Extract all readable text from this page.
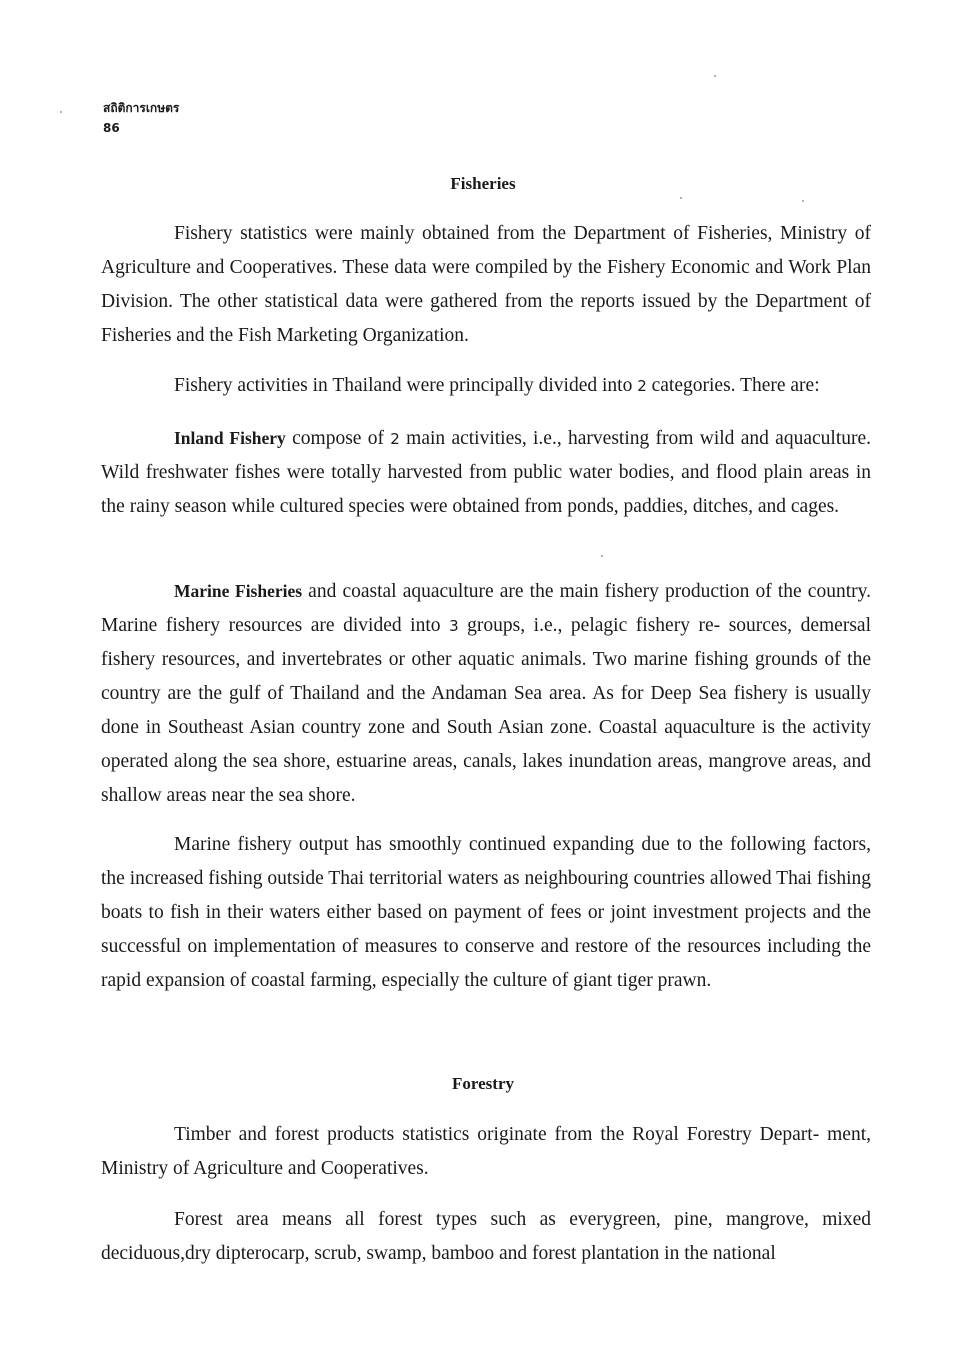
สถิติการเกษตร
86
Fisheries

Fishery statistics were mainly obtained from the Department of Fisheries, Ministry of Agriculture and Cooperatives. These data were compiled by the Fishery Economic and Work Plan Division. The other statistical data were gathered from the reports issued by the Department of Fisheries and the Fish Marketing Organization.

Fishery activities in Thailand were principally divided into 2 categories. There are:

Inland Fishery compose of 2 main activities, i.e., harvesting from wild and aquaculture. Wild freshwater fishes were totally harvested from public water bodies, and flood plain areas in the rainy season while cultured species were obtained from ponds, paddies, ditches, and cages.

Marine Fisheries and coastal aquaculture are the main fishery production of the country. Marine fishery resources are divided into 3 groups, i.e., pelagic fishery re- sources, demersal fishery resources, and invertebrates or other aquatic animals. Two marine fishing grounds of the country are the gulf of Thailand and the Andaman Sea area. As for Deep Sea fishery is usually done in Southeast Asian country zone and South Asian zone. Coastal aquaculture is the activity operated along the sea shore, estuarine areas, canals, lakes inundation areas, mangrove areas, and shallow areas near the sea shore.

Marine fishery output has smoothly continued expanding due to the following factors, the increased fishing outside Thai territorial waters as neighbouring countries allowed Thai fishing boats to fish in their waters either based on payment of fees or joint investment projects and the successful on implementation of measures to conserve and restore of the resources including the rapid expansion of coastal farming, especially the culture of giant tiger prawn.

Forestry

Timber and forest products statistics originate from the Royal Forestry Depart- ment, Ministry of Agriculture and Cooperatives.

Forest area means all forest types such as everygreen, pine, mangrove, mixed deciduous,dry dipterocarp, scrub, swamp, bamboo and forest plantation in the national
